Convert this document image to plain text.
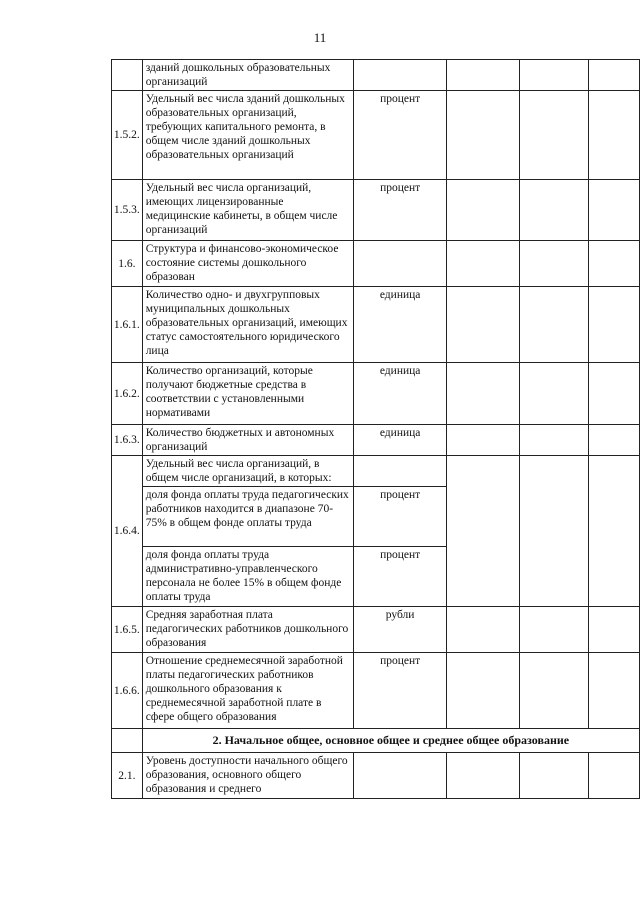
11
	зданий дошкольных образовательных организаций				
1.5.2.	Удельный вес числа зданий дошкольных образовательных организаций, требующих капитального ремонта, в общем числе зданий дошкольных образовательных организаций	процент			
1.5.3.	Удельный вес числа организаций, имеющих лицензированные медицинские кабинеты, в общем числе организаций	процент			
1.6.	Структура и финансово-экономическое состояние системы дошкольного образован				
1.6.1.	Количество одно- и двухгрупповых муниципальных дошкольных образовательных организаций, имеющих статус самостоятельного юридического лица	единица			
1.6.2.	Количество организаций, которые получают бюджетные средства в соответствии с установленными нормативами	единица			
1.6.3.	Количество бюджетных и автономных организаций	единица			
1.6.4.	Удельный вес числа организаций, в общем числе организаций, в которых:				
	доля фонда оплаты труда педагогических работников находится в диапазоне 70-75% в общем фонде оплаты труда	процент			
	доля фонда оплаты труда административно-управленческого персонала не более 15% в общем фонде оплаты труда	процент			
1.6.5.	Средняя заработная плата педагогических работников дошкольного образования	рубли			
1.6.6.	Отношение среднемесячной заработной платы педагогических работников дошкольного образования к среднемесячной заработной плате в сфере общего образования	процент			
	2. Начальное общее, основное общее и среднее общее образование				
2.1.	Уровень доступности начального общего образования, основного общего образования и среднего				
